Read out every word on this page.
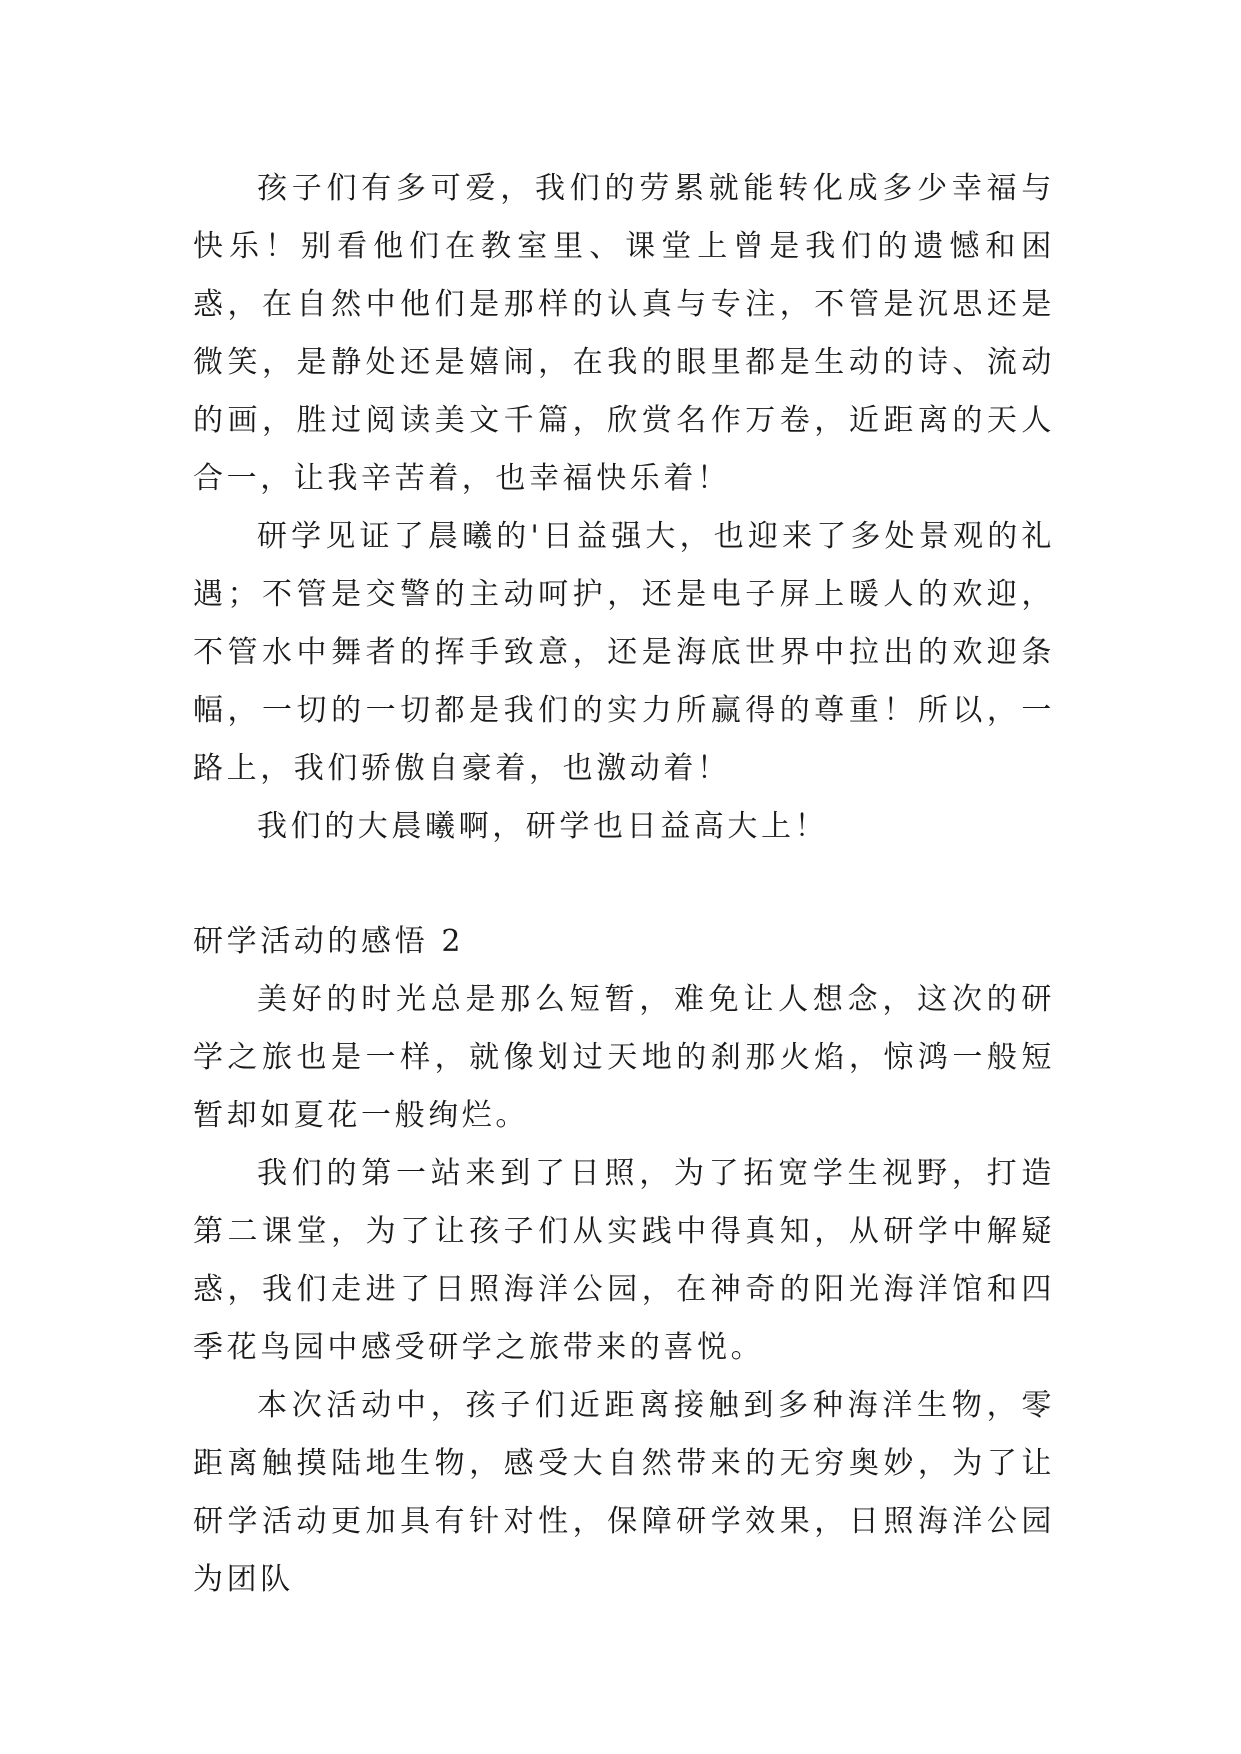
孩子们有多可爱，我们的劳累就能转化成多少幸福与快乐！别看他们在教室里、课堂上曾是我们的遗憾和困惑，在自然中他们是那样的认真与专注，不管是沉思还是微笑，是静处还是嬉闹，在我的眼里都是生动的诗、流动的画，胜过阅读美文千篇，欣赏名作万卷，近距离的天人合一，让我辛苦着，也幸福快乐着！

研学见证了晨曦的'日益强大，也迎来了多处景观的礼遇；不管是交警的主动呵护，还是电子屏上暖人的欢迎，不管水中舞者的挥手致意，还是海底世界中拉出的欢迎条幅，一切的一切都是我们的实力所赢得的尊重！所以，一路上，我们骄傲自豪着，也激动着！

我们的大晨曦啊，研学也日益高大上！

研学活动的感悟 2

美好的时光总是那么短暂，难免让人想念，这次的研学之旅也是一样，就像划过天地的刹那火焰，惊鸿一般短暂却如夏花一般绚烂。

我们的第一站来到了日照，为了拓宽学生视野，打造第二课堂，为了让孩子们从实践中得真知，从研学中解疑惑，我们走进了日照海洋公园，在神奇的阳光海洋馆和四季花鸟园中感受研学之旅带来的喜悦。

本次活动中，孩子们近距离接触到多种海洋生物，零距离触摸陆地生物，感受大自然带来的无穷奥妙，为了让研学活动更加具有针对性，保障研学效果，日照海洋公园为团队
